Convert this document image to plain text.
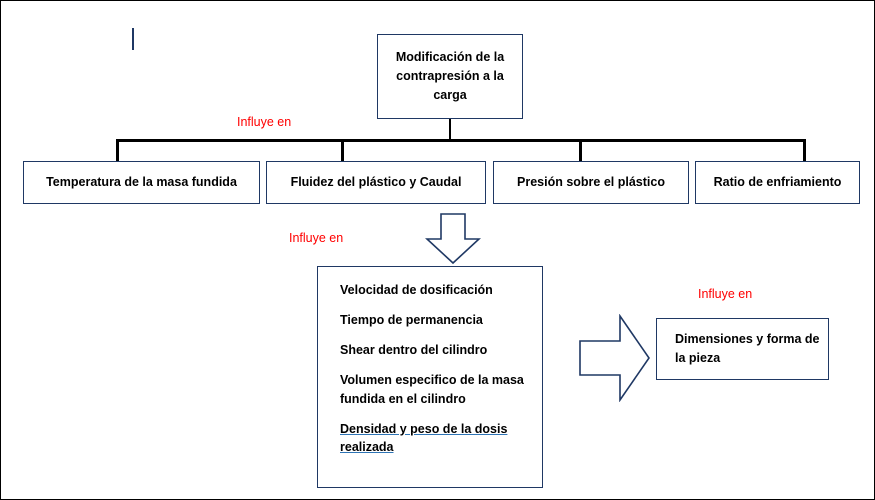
Modificación de la contrapresión a la carga
Influye en
Temperatura de la masa fundida	Fluidez del plástico y Caudal	Presión sobre el plástico	Ratio de enfriamiento
Influye en
Velocidad de dosificación
Tiempo de permanencia
Shear dentro del cilindro
Volumen especifico de la masa fundida en el cilindro
Densidad y peso de la dosis realizada
Influye en
Dimensiones y forma de la pieza
